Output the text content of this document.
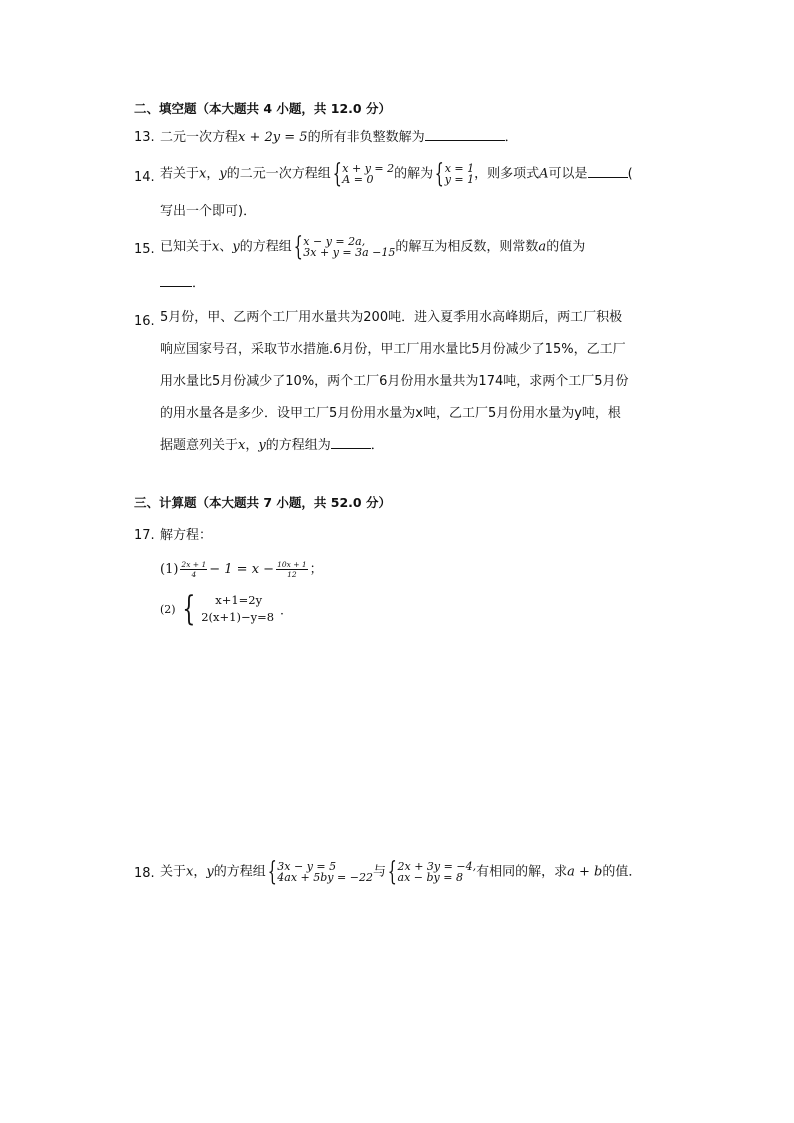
二、填空题（本大题共 4 小题，共 12.0 分）
13. 二元一次方程x + 2y = 5的所有非负整数解为	．
14. 若关于x，y的二元一次方程组{ x + y = 2
A = 0	的解为{ x = 1
y = 1 ，则多项式A可以是	(
写出一个即可)．
15. 已知关于x、y的方程组{ x − y = 2a,
3x + y = 3a −15 的解互为相反数，则常数a的值为
．
16. 5月份，甲、乙两个工厂用水量共为200吨．进入夏季用水高峰期后，两工厂积极
响应国家号召，采取节水措施.6月份，甲工厂用水量比5月份减少了15%，乙工厂
用水量比5月份减少了10%，两个工厂6月份用水量共为174吨，求两个工厂5月份
的用水量各是多少．设甲工厂5月份用水量为x吨，乙工厂5月份用水量为y吨，根
据题意列关于x，y的方程组为	．
三、计算题（本大题共 7 小题，共 52.0 分）
17. 解方程：
$(1) \frac{2x + 1}{4} - 1 = x - \frac{10x + 1}{12}$ ；
(2) {	x+1=2y
2(x+1)−y=8
．
18. 关于x，y的方程组{ 3x − y = 5
4ax + 5by = −22 与{ 2x + 3y = −4,
ax − by = 8	有相同的解，求a + b的值．
